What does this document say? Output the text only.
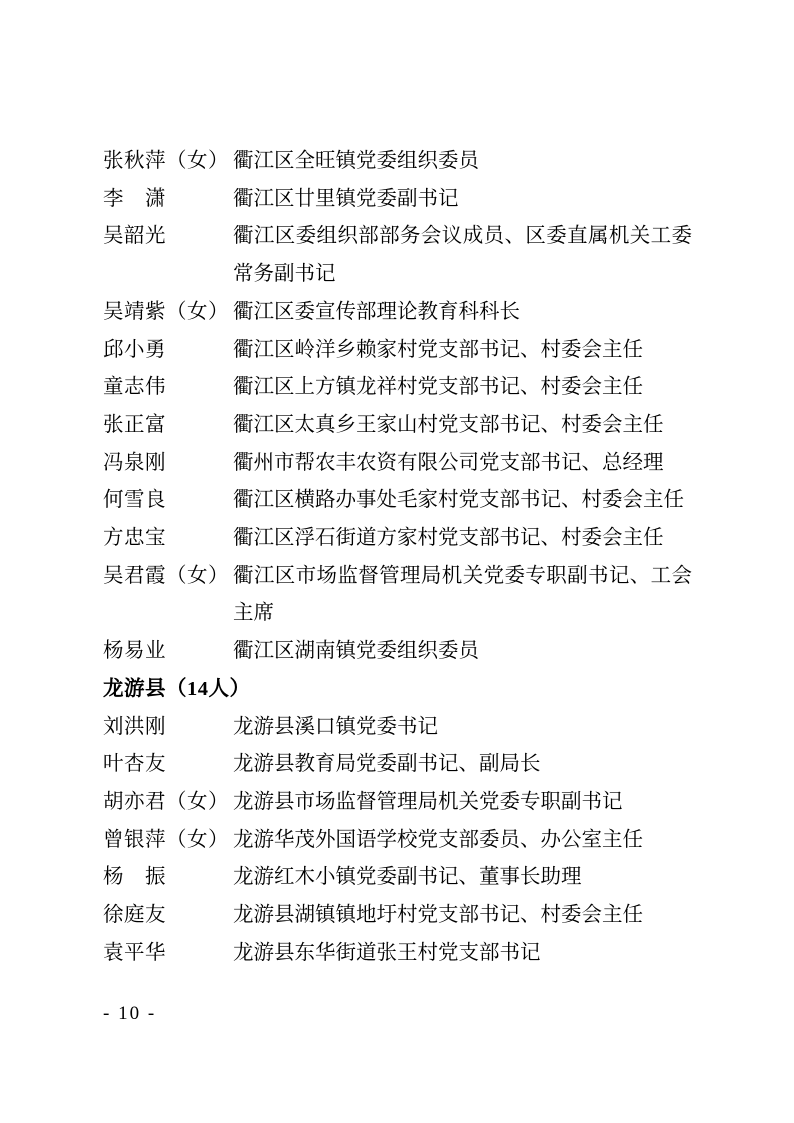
张秋萍（女） 衢江区全旺镇党委组织委员
李　潇	衢江区廿里镇党委副书记
吴韶光	衢江区委组织部部务会议成员、区委直属机关工委常务副书记
吴靖紫（女） 衢江区委宣传部理论教育科科长
邱小勇	衢江区岭洋乡赖家村党支部书记、村委会主任
童志伟	衢江区上方镇龙祥村党支部书记、村委会主任
张正富	衢江区太真乡王家山村党支部书记、村委会主任
冯泉刚	衢州市帮农丰农资有限公司党支部书记、总经理
何雪良	衢江区横路办事处毛家村党支部书记、村委会主任
方忠宝	衢江区浮石街道方家村党支部书记、村委会主任
吴君霞（女） 衢江区市场监督管理局机关党委专职副书记、工会主席
杨易业	衢江区湖南镇党委组织委员
龙游县（14人）
刘洪刚	龙游县溪口镇党委书记
叶杏友	龙游县教育局党委副书记、副局长
胡亦君（女） 龙游县市场监督管理局机关党委专职副书记
曾银萍（女） 龙游华茂外国语学校党支部委员、办公室主任
杨　振	龙游红木小镇党委副书记、董事长助理
徐庭友	龙游县湖镇镇地圩村党支部书记、村委会主任
袁平华	龙游县东华街道张王村党支部书记
- 10 -
